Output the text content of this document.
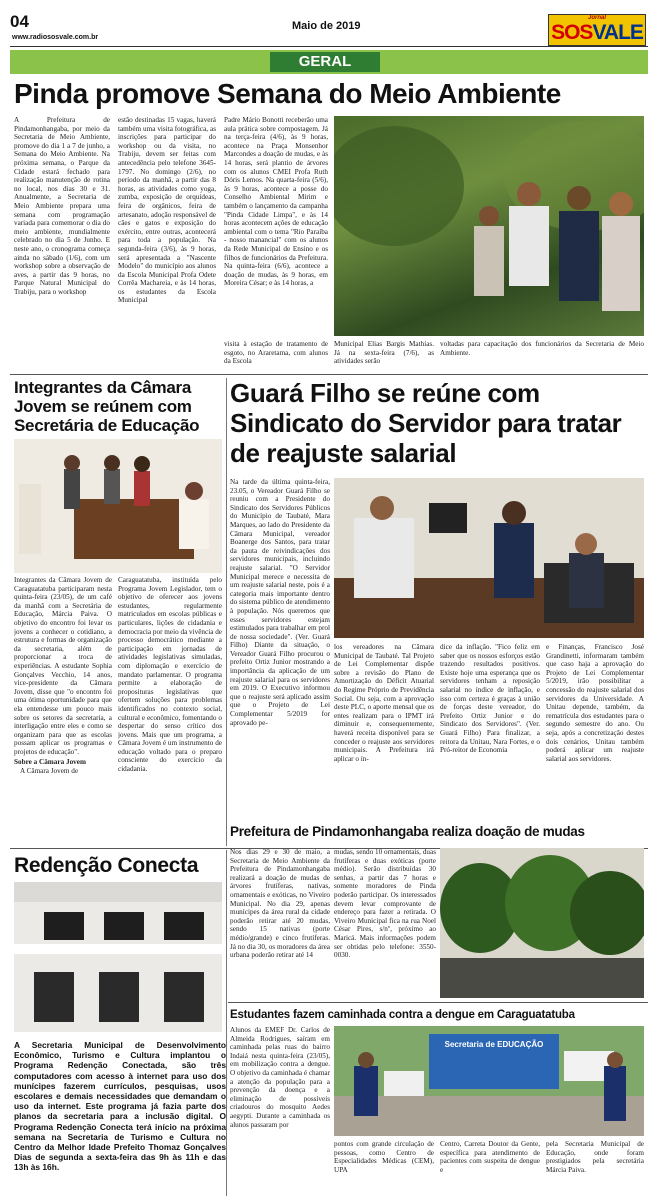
04
www.radiososvale.com.br
Maio de 2019
Jornal
SOSVALE
GERAL
Pinda promove Semana do Meio Ambiente
A Prefeitura de Pindamonhangaba, por meio da Secretaria de Meio Ambiente, promove do dia 1 a 7 de junho, a Semana do Meio Ambiente. Na próxima semana, o Parque da Cidade estará fechado para realização manutenção de rotina no local, nos dias 30 e 31. Anualmente, a Secretaria de Meio Ambiente prepara uma semana com programação variada para comemorar o dia do meio ambiente, mundialmente celebrado no dia 5 de Junho. E neste ano, o cronograma começa ainda no sábado (1/6), com um workshop sobre a observação de aves, a partir das 9 horas, no Parque Natural Municipal do Trabiju, para o workshop
estão destinadas 15 vagas, haverá também uma visita fotográfica, as inscrições para participar do workshop ou da visita, no Trabiju, devem ser feitas com antecedência pelo telefone 3645-1797. No domingo (2/6), no período da manhã, a partir das 8 horas, as atividades como yoga, zumba, exposição de orquídeas, feira de orgânicos, feira de artesanato, adoção responsável de cães e gatos e exposição do exército, entre outras, acontecerá para toda a população. Na segunda-feira (3/6), às 9 horas, será apresentada a "Nascente Modelo" do município aos alunos da Escola Municipal Profa Odete Corrêa Machareia, e às 14 horas, os estudantes da Escola Municipal
Padre Mário Bonotti receberão uma aula prática sobre compostagem. Já na terça-feira (4/6), às 9 horas, acontece na Praça Monsenhor Marcondes a doação de mudas, e às 14 horas, será plantio de árvores com os alunos CMEI Profa Ruth Dóris Lemos. Na quarta-feira (5/6), às 9 horas, acontece a posse do Conselho Ambiental Mirim e também o lançamento da campanha "Pinda Cidade Limpa", e às 14 horas acontecem ações de educação ambiental com o tema "Rio Paraíba - nosso manancial" com os alunos da Rede Municipal de Ensino e os filhos de funcionários da Prefeitura. Na quinta-feira (6/6), acontece a doação de mudas, às 9 horas, em Moreira César; e às 14 horas, a
visita à estação de tratamento de esgoto, no Araretama, com alunos da Escola
Municipal Elias Bargis Mathias. Já na sexta-feira (7/6), as atividades serão
voltadas para capacitação dos funcionários da Secretaria de Meio Ambiente.
Integrantes da Câmara Jovem se reúnem com Secretária de Educação
Integrantes da Câmara Jovem de Caraguatatuba participaram nesta quinta-feira (23/05), de um café da manhã com a Secretária de Educação, Márcia Paiva. O objetivo do encontro foi levar os jovens a conhecer o cotidiano, a estrutura e formas de organização da secretaria, além de proporcionar a troca de experiências. A estudante Sophia Gonçalves Vecchio, 14 anos, vice-presidente da Câmara Jovem, disse que "o encontro foi uma ótima oportunidade para que ela entendesse um pouco mais sobre os setores da secretaria, a interligação entre eles e como se organizam para que as escolas possam aplicar os programas e projetos de educação".
Sobre a Câmara Jovem
A Câmara Jovem de
Caraguatatuba, instituída pelo Programa Jovem Legislador, tem o objetivo de oferecer aos jovens estudantes, regularmente matriculados em escolas públicas e particulares, lições de cidadania e democracia por meio da vivência de processo democrático mediante a participação em jornadas de atividades legislativas simuladas, com diplomação e exercício de mandato parlamentar. O programa permite a elaboração de proposituras legislativas que ofertem soluções para problemas identificados no contexto social, cultural e econômico, fomentando o despertar do senso crítico dos jovens. Mais que um programa, a Câmara Jovem é um instrumento de educação voltado para o preparo consciente do exercício da cidadania.
Guará Filho se reúne com Sindicato do Servidor para tratar de reajuste salarial
Na tarde da última quinta-feira, 23.05, o Vereador Guará Filho se reuniu com a Presidente do Sindicato dos Servidores Públicos do Município de Taubaté, Mara Marques, ao lado do Presidente da Câmara Municipal, vereador Boanerge dos Santos, para tratar da pauta de reivindicações dos servidores municipais, incluindo reajuste salarial. "O Servidor Municipal merece e necessita de um reajuste salarial neste, pois é a categoria mais importante dentro do sistema público de atendimento à população. Nós queremos que esses servidores estejam estimulados para trabalhar em prol de nossa sociedade". (Ver. Guará Filho) Diante da situação, o Vereador Guará Filho procurou o prefeito Ortiz Junior mostrando a importância da aplicação de um reajuste salarial para os servidores em 2019. O Executivo informou que o reajuste será aplicado assim que o Projeto de Lei Complementar 5/2019 for aprovado pe-
los vereadores na Câmara Municipal de Taubaté. Tal Projeto de Lei Complementar dispõe sobre a revisão do Plano de Amortização do Déficit Atuarial do Regime Próprio de Previdência Social. Ou seja, com a aprovação deste PLC, o aporte mensal que os entes realizam para o IPMT irá diminuir e, consequentemente, haverá receita disponível para se conceder o reajuste aos servidores municipais. A Prefeitura irá aplicar o ín-
dice da inflação. "Fico feliz em saber que os nossos esforços estão trazendo resultados positivos. Existe hoje uma esperança que os servidores tenham a reposição salarial no índice de inflação, e isso com certeza é graças à união de forças deste vereador, do Prefeito Ortiz Junior e do Sindicato dos Servidores". (Ver. Guará Filho) Para finalizar, a reitora da Unitau, Nara Fortes, e o Pró-reitor de Economia
e Finanças, Francisco José Grandinetti, informaram também que caso haja a aprovação do Projeto de Lei Complementar 5/2019, irão possibilitar a concessão do reajuste salarial dos servidores da Universidade. A Unitau depende, também, da rematrícula dos estudantes para o segundo semestre do ano. Ou seja, após a concretização destes dois cenários, Unitau também poderá aplicar um reajuste salarial aos servidores.
Redenção Conecta
A Secretaria Municipal de Desenvolvimento Econômico, Turismo e Cultura implantou o Programa Redenção Conectada, são três computadores com acesso à internet para uso dos munícipes fazerem currículos, pesquisas, usos escolares e demais necessidades que demandam o uso da internet. Este programa já fazia parte dos planos da secretaria para a inclusão digital. O Programa Redenção Conecta terá início na próxima semana na Secretaria de Turismo e Cultura no Centro da Melhor Idade Prefeito Thomaz Gonçalves Dias de segunda a sexta-feira das 9h às 11h e das 13h às 16h.
Prefeitura de Pindamonhangaba realiza doação de mudas
Nos dias 29 e 30 de maio, a Secretaria de Meio Ambiente da Prefeitura de Pindamonhangaba realizará a doação de mudas de árvores frutíferas, nativas, ornamentais e exóticas, no Viveiro Municipal. No dia 29, apenas munícipes da área rural da cidade poderão retirar até 20 mudas, sendo 15 nativas (porte médio/grande) e cinco frutíferas. Já no dia 30, os moradores da área urbana poderão retirar até 14
mudas, sendo 10 ornamentais, duas frutíferas e duas exóticas (porte médio). Serão distribuídas 30 senhas, a partir das 7 horas e somente moradores de Pinda poderão participar. Os interessados devem levar comprovante de endereço para fazer a retirada. O Viveiro Municipal fica na rua Noel César Pires, s/nº, próximo ao Maricá. Mais informações podem ser obtidas pelo telefone: 3550-0030.
Estudantes fazem caminhada contra a dengue em Caraguatatuba
Alunos da EMEF Dr. Carlos de Almeida Rodrigues, saíram em caminhada pelas ruas do bairro Indaiá nesta quinta-feira (23/05), em mobilização contra a dengue. O objetivo da caminhada é chamar a atenção da população para a prevenção da doença e a eliminação de possíveis criadouros do mosquito Aedes aegypti. Durante a caminhada os alunos passaram por
Secretaria de EDUCAÇÃO
pontos com grande circulação de pessoas, como Centro de Especialidades Médicas (CEM), UPA
Centro, Carreta Doutor da Gente, específica para atendimento de pacientes com suspeita de dengue e
pela Secretaria Municipal de Educação, onde foram prestigiados pela secretária Márcia Paiva.
